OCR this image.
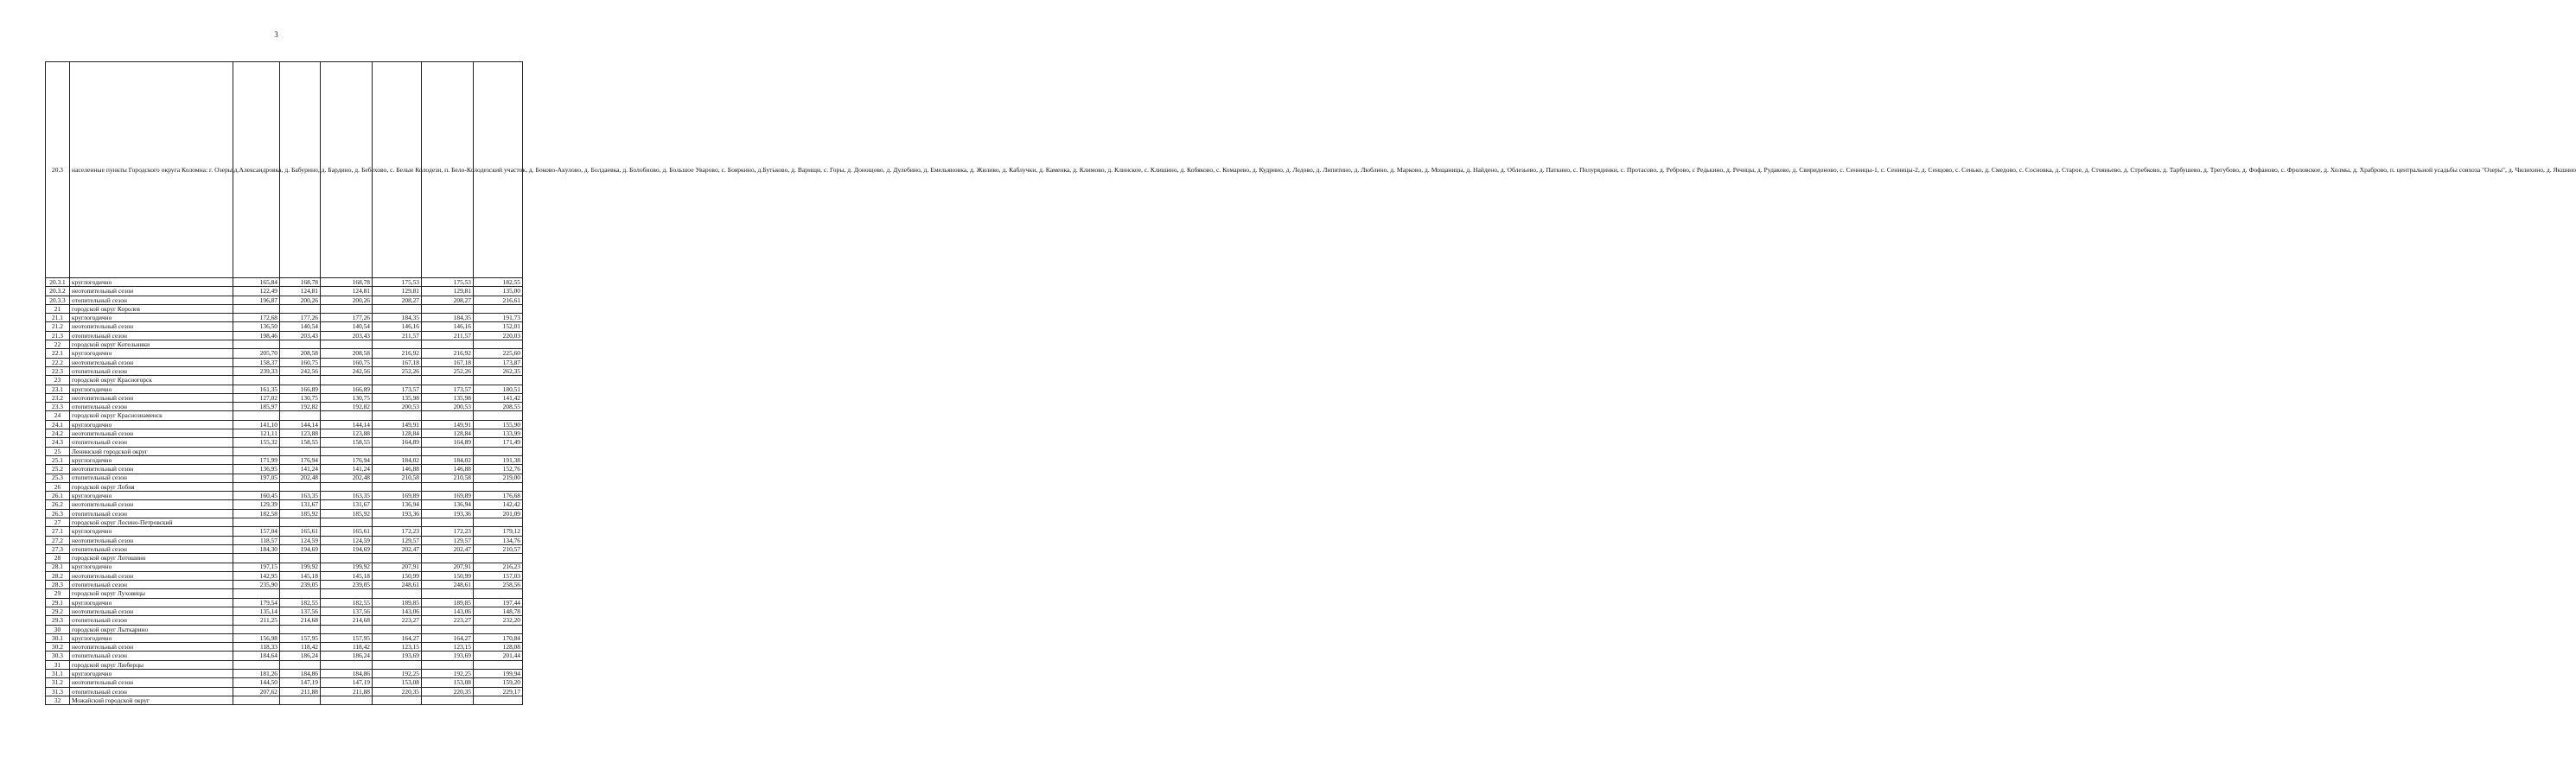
3
20.3	населенные пункты Городского округа Коломна: г. Озеры,д.Александровка, д. Бабурино, д. Бардино, д. Бебехово, с. Белые Колодези, п. Бело-Колодезский участок, д. Боково-Акулово, д. Болдаевка, д. Болобново, д. Большое Уварово, с. Бояркино, д.Бутьково, д. Варищи, с. Горы, д. Донощово, д. Дулебино, д. Емельяновка, д. Жиливо, д. Каблучки, д. Каменка, д. Климово, д. Клинское, с. Клишино, д. Кобяково, с. Комарево, д. Кудрино, д. Ледово, д. Липитино, д. Люблино, д. Марково, д. Мощаницы, д. Найдено, д. Облезьево, д. Паткино, с. Полурядинки, с. Протасово, д. Реброво, с Редькино, д. Речицы, д. Рудаково, д. Свиридоново, с. Сенницы-1, с. Сенницы-2, д. Сенцово, с. Сенько, д. Смедово, с. Сосновка, д. Старое, д. Стояньево, д. Стребково, д. Тарбушево, д. Трегубово, д. Фофаново, с. Фроловское, д. Холмы, д. Храброво, п. центральной усадьбы совхоза "Озеры", д. Чилихино, д. Якшино						
20.3.1	круглогодично	165,84	168,78	168,78	175,53	175,53	182,55
20.3.2	неотопительный сезон	122,49	124,81	124,81	129,81	129,81	135,00
20.3.3	отопительный сезон	196,87	200,26	200,26	208,27	208,27	216,61
21	городской округ Королев						
21.1	круглогодично	172,68	177,26	177,26	184,35	184,35	191,73
21.2	неотопительный сезон	136,50	140,54	140,54	146,16	146,16	152,01
21.3	отопительный сезон	198,46	203,43	203,43	211,57	211,57	220,03
22	городской округ Котельники						
22.1	круглогодично	205,70	208,58	208,58	216,92	216,92	225,60
22.2	неотопительный сезон	158,37	160,75	160,75	167,18	167,18	173,87
22.3	отопительный сезон	239,33	242,56	242,56	252,26	252,26	262,35
23	городской округ Красногорск						
23.1	круглогодично	161,35	166,89	166,89	173,57	173,57	180,51
23.2	неотопительный сезон	127,02	130,75	130,75	135,98	135,98	141,42
23.3	отопительный сезон	185,97	192,82	192,82	200,53	200,53	208,55
24	городской округ Краснознаменск						
24.1	круглогодично	141,10	144,14	144,14	149,91	149,91	155,90
24.2	неотопительный сезон	121,11	123,88	123,88	128,84	128,84	133,99
24.3	отопительный сезон	155,32	158,55	158,55	164,89	164,89	171,49
25	Ленинский городской округ						
25.1	круглогодично	171,99	176,94	176,94	184,02	184,02	191,38
25.2	неотопительный сезон	136,95	141,24	141,24	146,88	146,88	152,76
25.3	отопительный сезон	197,05	202,48	202,48	210,58	210,58	219,00
26	городской округ Лобня						
26.1	круглогодично	160,45	163,35	163,35	169,89	169,89	176,68
26.2	неотопительный сезон	129,39	131,67	131,67	136,94	136,94	142,42
26.3	отопительный сезон	182,58	185,92	185,92	193,36	193,36	201,09
27	городской округ Лосино-Петровский						
27.1	круглогодично	157,04	165,61	165,61	172,23	172,23	179,12
27.2	неотопительный сезон	118,57	124,59	124,59	129,57	129,57	134,76
27.3	отопительный сезон	184,30	194,69	194,69	202,47	202,47	210,57
28	городской округ Лотошино						
28.1	круглогодично	197,15	199,92	199,92	207,91	207,91	216,23
28.2	неотопительный сезон	142,95	145,18	145,18	150,99	150,99	157,03
28.3	отопительный сезон	235,90	239,05	239,05	248,61	248,61	258,56
29	городской округ Луховицы						
29.1	круглогодично	179,54	182,55	182,55	189,85	189,85	197,44
29.2	неотопительный сезон	135,14	137,56	137,56	143,06	143,06	148,78
29.3	отопительный сезон	211,25	214,68	214,68	223,27	223,27	232,20
30	городской округ Лыткарино						
30.1	круглогодично	156,98	157,95	157,95	164,27	164,27	170,84
30.2	неотопительный сезон	118,33	118,42	118,42	123,15	123,15	128,08
30.3	отопительный сезон	184,64	186,24	186,24	193,69	193,69	201,44
31	городской округ Люберцы						
31.1	круглогодично	181,26	184,86	184,86	192,25	192,25	199,94
31.2	неотопительный сезон	144,50	147,19	147,19	153,08	153,08	159,20
31.3	отопительный сезон	207,62	211,88	211,88	220,35	220,35	229,17
32	Можайский городской округ						
